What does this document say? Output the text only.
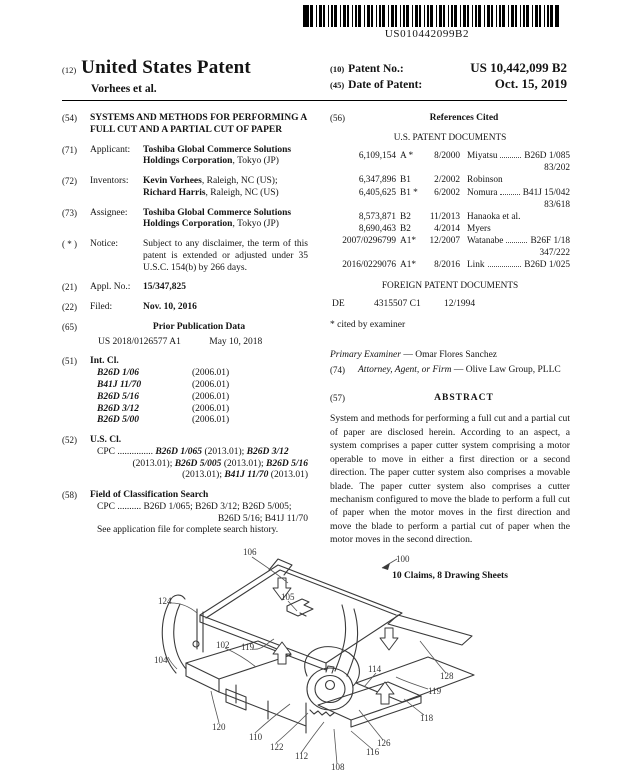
US010442099B2
(12) United States Patent
Vorhees et al.
(10) Patent No.:	US 10,442,099 B2
(45) Date of Patent:	Oct. 15, 2019
(54)	SYSTEMS AND METHODS FOR PERFORMING A FULL CUT AND A PARTIAL CUT OF PAPER
(71)	Applicant:	Toshiba Global Commerce Solutions Holdings Corporation, Tokyo (JP)
(72)	Inventors:	Kevin Vorhees, Raleigh, NC (US);
Richard Harris, Raleigh, NC (US)
(73)	Assignee:	Toshiba Global Commerce Solutions Holdings Corporation, Tokyo (JP)
( * )	Notice:	Subject to any disclaimer, the term of this patent is extended or adjusted under 35 U.S.C. 154(b) by 266 days.
(21)	Appl. No.:	15/347,825
(22)	Filed:	Nov. 10, 2016
(65)	Prior Publication Data
US 2018/0126577 A1	May 10, 2018
(51)	Int. Cl.
B26D 1/06	(2006.01)
B41J 11/70	(2006.01)
B26D 5/16	(2006.01)
B26D 3/12	(2006.01)
B26D 5/00	(2006.01)
(52)	U.S. Cl.
CPC ............... B26D 1/065 (2013.01); B26D 3/12
(2013.01); B26D 5/005 (2013.01); B26D 5/16
(2013.01); B41J 11/70 (2013.01)
(58)	Field of Classification Search
CPC .......... B26D 1/065; B26D 3/12; B26D 5/005;
B26D 5/16; B41J 11/70
See application file for complete search history.
(56)	References Cited
U.S. PATENT DOCUMENTS
6,109,154 A *	8/2000 Miyatsu	B26D 1/085
83/202
6,347,896 B1	2/2002 Robinson
6,405,625 B1 *	6/2002 Nomura	B41J 15/042
83/618
8,573,871 B2	11/2013 Hanaoka et al.
8,690,463 B2	4/2014 Myers
2007/0296799 A1*	12/2007 Watanabe	B26F 1/18
347/222
2016/0229076 A1*	8/2016 Link	B26D 1/025
FOREIGN PATENT DOCUMENTS
DE	4315507 C1	12/1994
* cited by examiner
Primary Examiner — Omar Flores Sanchez
(74)	Attorney, Agent, or Firm — Olive Law Group, PLLC
(57)	ABSTRACT
System and methods for performing a full cut and a partial cut of paper are disclosed herein. According to an aspect, a system comprises a paper cutter system comprising a motor operable to move in either a first direction or a second direction. The paper cutter system also comprises a movable blade. The paper cutter system also comprises a cutter mechanism configured to move the blade to perform a full cut of paper when the motor moves in the first direction and move the blade to perform a partial cut of paper when the motor moves in the second direction.
10 Claims, 8 Drawing Sheets
106
100
124	105
102 119
104
114
128
119
118
120
110
122
112
108
126
116
